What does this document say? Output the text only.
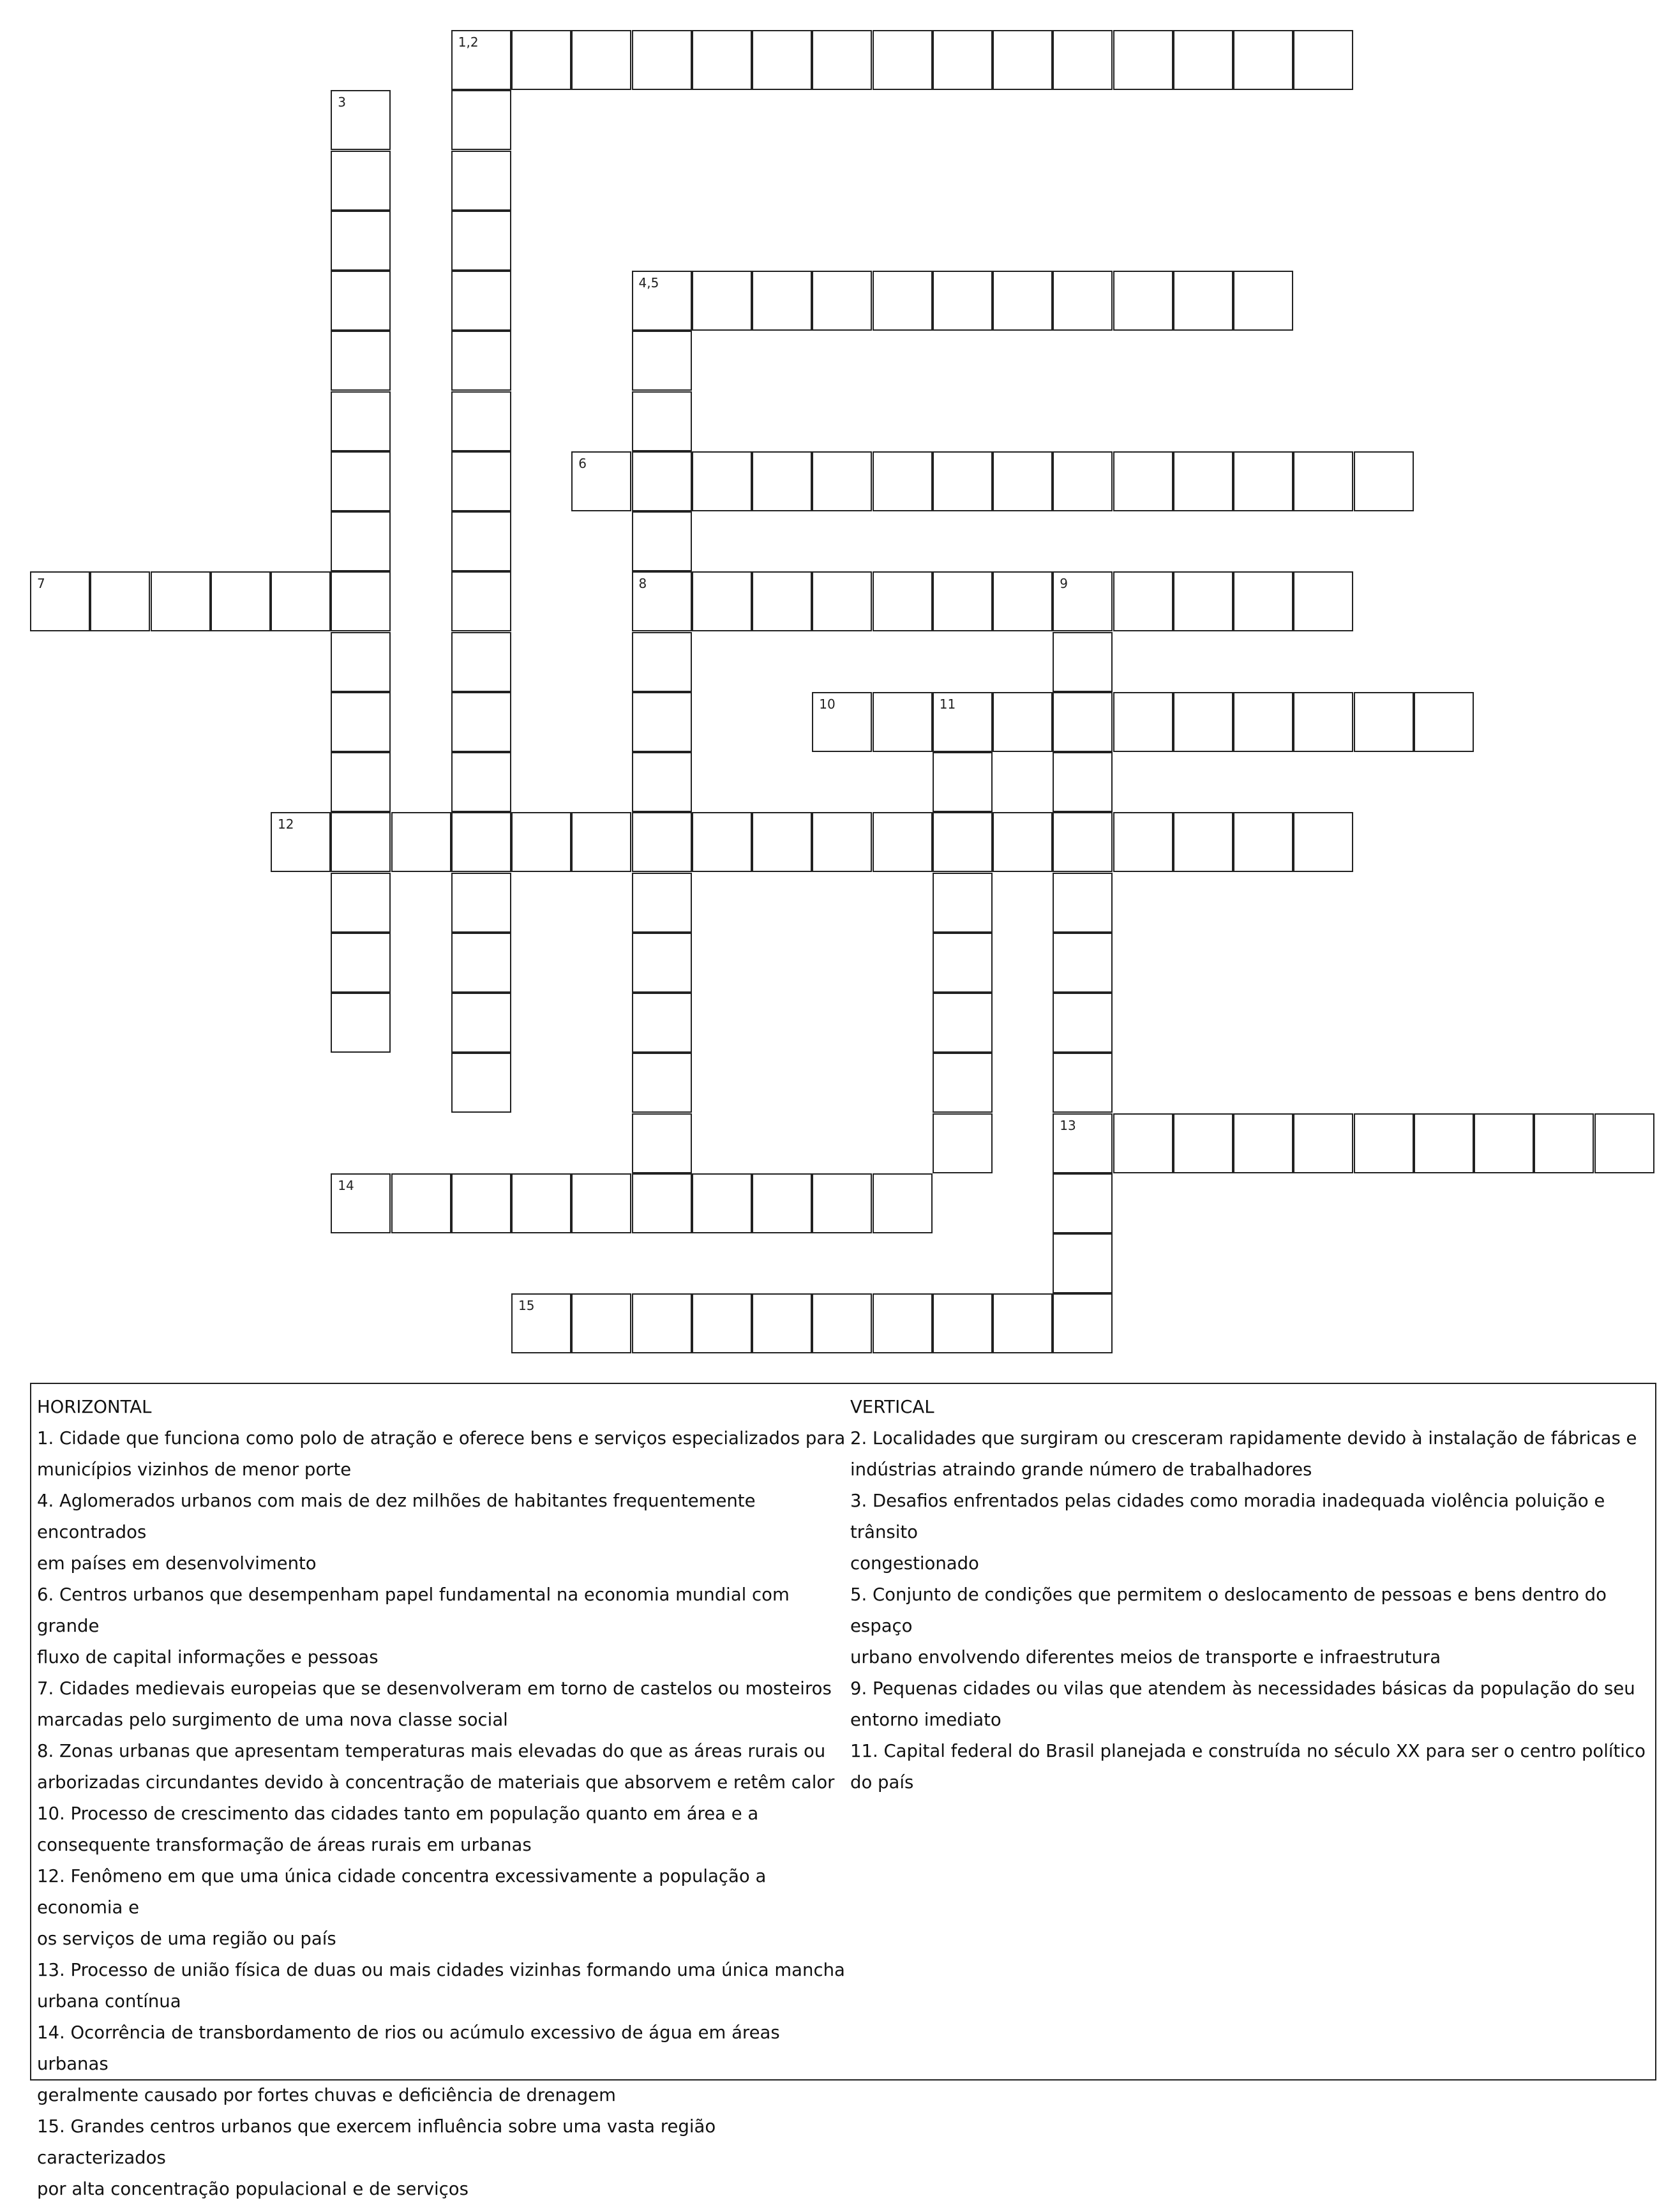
1,2
3
4,5
8
6
7	9
13
10	11
12
14
15

HORIZONTAL

1. Cidade que funciona como polo de atração e oferece bens e serviços especializados para

municípios vizinhos de menor porte

4. Aglomerados urbanos com mais de dez milhões de habitantes frequentemente encontrados

em países em desenvolvimento

6. Centros urbanos que desempenham papel fundamental na economia mundial com grande

fluxo de capital informações e pessoas

7. Cidades medievais europeias que se desenvolveram em torno de castelos ou mosteiros

marcadas pelo surgimento de uma nova classe social

8. Zonas urbanas que apresentam temperaturas mais elevadas do que as áreas rurais ou

arborizadas circundantes devido à concentração de materiais que absorvem e retêm calor

10. Processo de crescimento das cidades tanto em população quanto em área e a

consequente transformação de áreas rurais em urbanas

12. Fenômeno em que uma única cidade concentra excessivamente a população a economia e

os serviços de uma região ou país

13. Processo de união física de duas ou mais cidades vizinhas formando uma única mancha

urbana contínua

14. Ocorrência de transbordamento de rios ou acúmulo excessivo de água em áreas urbanas

geralmente causado por fortes chuvas e deficiência de drenagem

15. Grandes centros urbanos que exercem influência sobre uma vasta região caracterizados

por alta concentração populacional e de serviços

VERTICAL

2. Localidades que surgiram ou cresceram rapidamente devido à instalação de fábricas e

indústrias atraindo grande número de trabalhadores

3. Desafios enfrentados pelas cidades como moradia inadequada violência poluição e trânsito

congestionado

5. Conjunto de condições que permitem o deslocamento de pessoas e bens dentro do espaço

urbano envolvendo diferentes meios de transporte e infraestrutura

9. Pequenas cidades ou vilas que atendem às necessidades básicas da população do seu

entorno imediato

11. Capital federal do Brasil planejada e construída no século XX para ser o centro político

do país
